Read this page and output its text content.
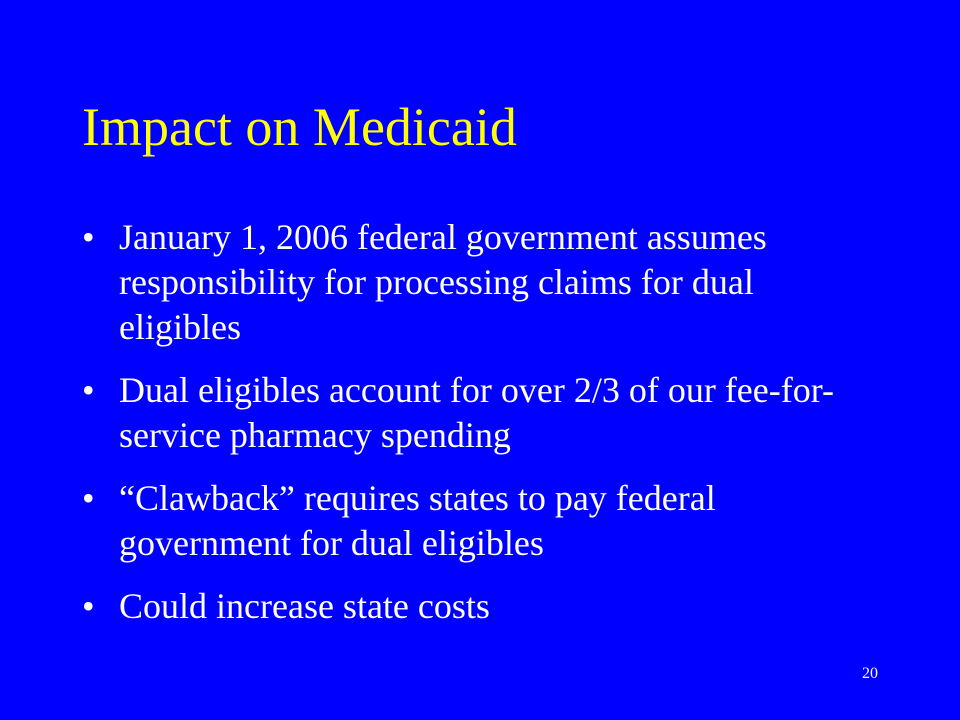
Impact on Medicaid
• January 1, 2006 federal government assumes responsibility for processing claims for dual eligibles
• Dual eligibles account for over 2/3 of our fee-for-service pharmacy spending
• “Clawback” requires states to pay federal government for dual eligibles
• Could increase state costs
20
